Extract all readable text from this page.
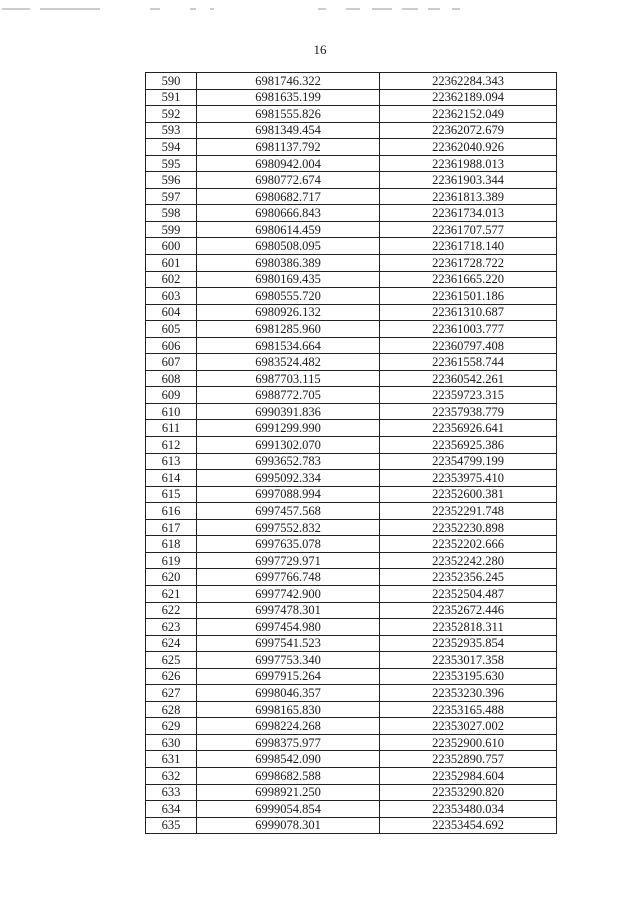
16
590	6981746.322	22362284.343
591	6981635.199	22362189.094
592	6981555.826	22362152.049
593	6981349.454	22362072.679
594	6981137.792	22362040.926
595	6980942.004	22361988.013
596	6980772.674	22361903.344
597	6980682.717	22361813.389
598	6980666.843	22361734.013
599	6980614.459	22361707.577
600	6980508.095	22361718.140
601	6980386.389	22361728.722
602	6980169.435	22361665.220
603	6980555.720	22361501.186
604	6980926.132	22361310.687
605	6981285.960	22361003.777
606	6981534.664	22360797.408
607	6983524.482	22361558.744
608	6987703.115	22360542.261
609	6988772.705	22359723.315
610	6990391.836	22357938.779
611	6991299.990	22356926.641
612	6991302.070	22356925.386
613	6993652.783	22354799.199
614	6995092.334	22353975.410
615	6997088.994	22352600.381
616	6997457.568	22352291.748
617	6997552.832	22352230.898
618	6997635.078	22352202.666
619	6997729.971	22352242.280
620	6997766.748	22352356.245
621	6997742.900	22352504.487
622	6997478.301	22352672.446
623	6997454.980	22352818.311
624	6997541.523	22352935.854
625	6997753.340	22353017.358
626	6997915.264	22353195.630
627	6998046.357	22353230.396
628	6998165.830	22353165.488
629	6998224.268	22353027.002
630	6998375.977	22352900.610
631	6998542.090	22352890.757
632	6998682.588	22352984.604
633	6998921.250	22353290.820
634	6999054.854	22353480.034
635	6999078.301	22353454.692
